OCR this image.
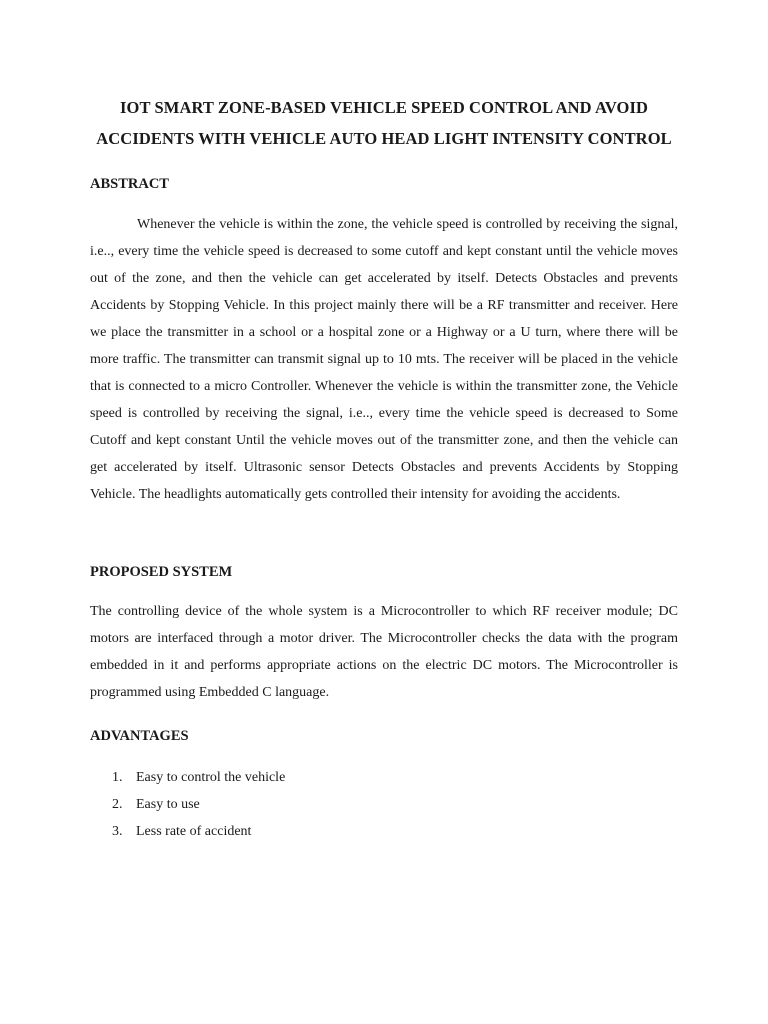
IOT SMART ZONE-BASED VEHICLE SPEED CONTROL AND AVOID ACCIDENTS WITH VEHICLE AUTO HEAD LIGHT INTENSITY CONTROL
ABSTRACT

Whenever the vehicle is within the zone, the vehicle speed is controlled by receiving the signal, i.e.., every time the vehicle speed is decreased to some cutoff and kept constant until the vehicle moves out of the zone, and then the vehicle can get accelerated by itself. Detects Obstacles and prevents Accidents by Stopping Vehicle. In this project mainly there will be a RF transmitter and receiver. Here we place the transmitter in a school or a hospital zone or a Highway or a U turn, where there will be more traffic. The transmitter can transmit signal up to 10 mts. The receiver will be placed in the vehicle that is connected to a micro Controller. Whenever the vehicle is within the transmitter zone, the Vehicle speed is controlled by receiving the signal, i.e.., every time the vehicle speed is decreased to Some Cutoff and kept constant Until the vehicle moves out of the transmitter zone, and then the vehicle can get accelerated by itself. Ultrasonic sensor Detects Obstacles and prevents Accidents by Stopping Vehicle. The headlights automatically gets controlled their intensity for avoiding the accidents.

PROPOSED SYSTEM

The controlling device of the whole system is a Microcontroller to which RF receiver module; DC motors are interfaced through a motor driver. The Microcontroller checks the data with the program embedded in it and performs appropriate actions on the electric DC motors. The Microcontroller is programmed using Embedded C language.

ADVANTAGES
1. Easy to control the vehicle
2. Easy to use
3. Less rate of accident
